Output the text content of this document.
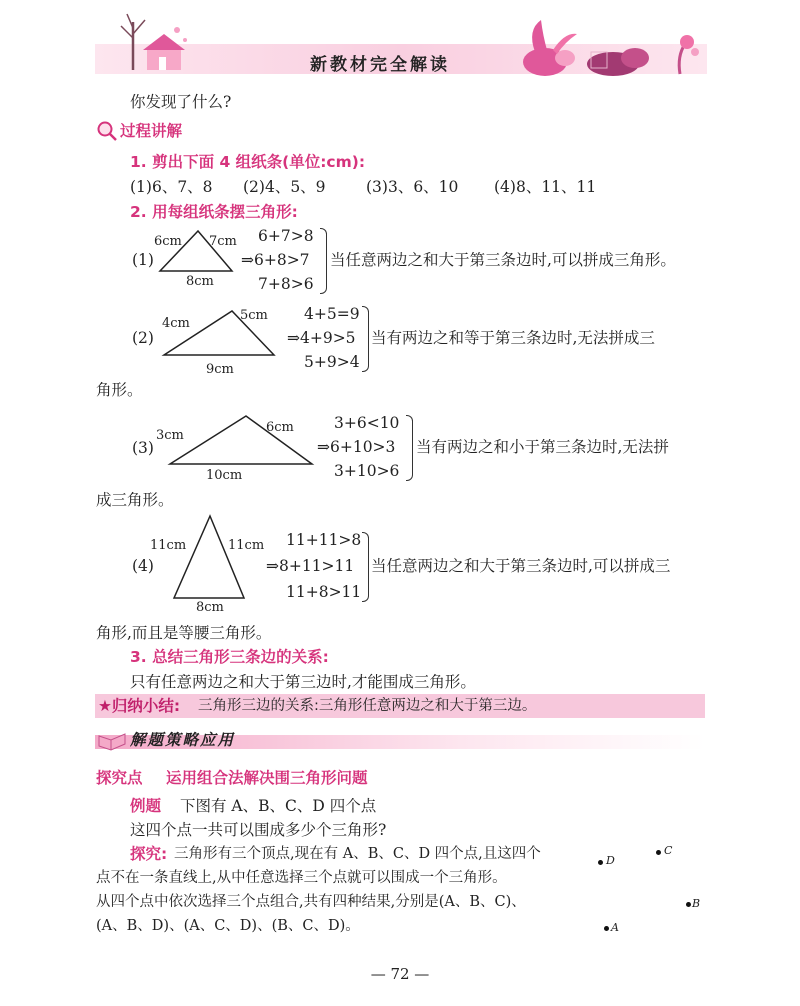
新教材完全解读
你发现了什么?
过程讲解
1. 剪出下面 4 组纸条(单位:cm):
(1)6、7、8 (2)4、5、9	(3)3、6、10 (4)8、11、11
2. 用每组纸条摆三角形:
(1)
6cm 7cm
8cm
6+7>8
⇒6+8>7
7+8>6
当任意两边之和大于第三条边时,可以拼成三角形。
(2)
4cm
5cm
9cm
4+5=9
⇒4+9>5
5+9>4
当有两边之和等于第三条边时,无法拼成三
角形。
(3)
3cm
6cm
10cm
3+6<10
⇒6+10>3
3+10>6
当有两边之和小于第三条边时,无法拼
成三角形。
(4)
11cm	11cm
8cm
11+11>8
⇒8+11>11
11+8>11
当任意两边之和大于第三条边时,可以拼成三
角形,而且是等腰三角形。
3. 总结三角形三条边的关系:
只有任意两边之和大于第三边时,才能围成三角形。
★归纳小结: 三角形三边的关系:三角形任意两边之和大于第三边。
解题策略应用
探究点 运用组合法解决围三角形问题
例题 下图有 A、B、C、D 四个点
这四个点一共可以围成多少个三角形?
探究: 三角形有三个顶点,现在有 A、B、C、D 四个点,且这四个
点不在一条直线上,从中任意选择三个点就可以围成一个三角形。
从四个点中依次选择三个点组合,共有四种结果,分别是(A、B、C)、
(A、B、D)、(A、C、D)、(B、C、D)。
D
C
B
A
— 72 —
